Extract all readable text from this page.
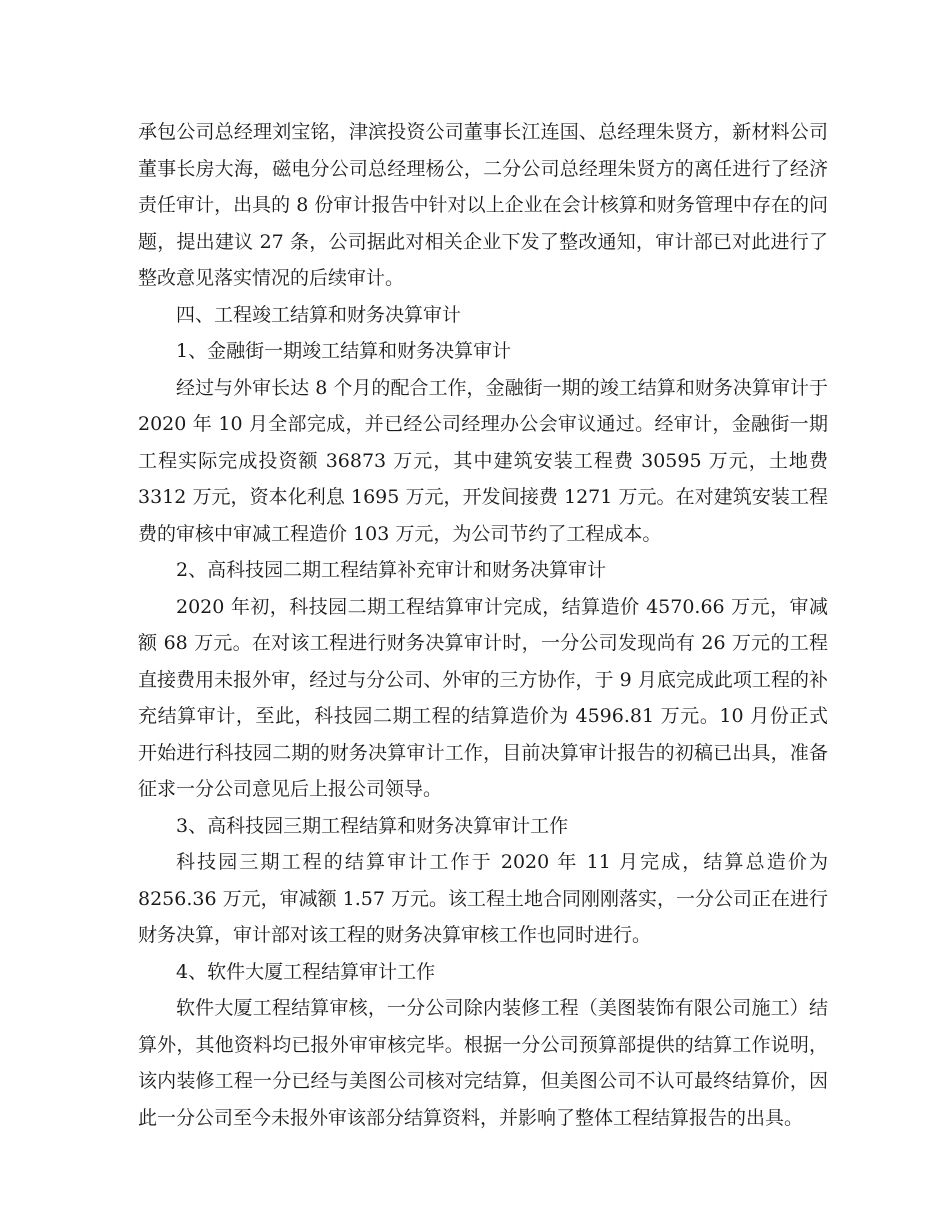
承包公司总经理刘宝铭，津滨投资公司董事长江连国、总经理朱贤方，新材料公司董事长房大海，磁电分公司总经理杨公，二分公司总经理朱贤方的离任进行了经济责任审计，出具的 8 份审计报告中针对以上企业在会计核算和财务管理中存在的问题，提出建议 27 条，公司据此对相关企业下发了整改通知，审计部已对此进行了整改意见落实情况的后续审计。

四、工程竣工结算和财务决算审计

1、金融街一期竣工结算和财务决算审计

经过与外审长达 8 个月的配合工作，金融街一期的竣工结算和财务决算审计于 2020 年 10 月全部完成，并已经公司经理办公会审议通过。经审计，金融街一期工程实际完成投资额 36873 万元，其中建筑安装工程费 30595 万元，土地费 3312 万元，资本化利息 1695 万元，开发间接费 1271 万元。在对建筑安装工程费的审核中审减工程造价 103 万元，为公司节约了工程成本。

2、高科技园二期工程结算补充审计和财务决算审计

2020 年初，科技园二期工程结算审计完成，结算造价 4570.66 万元，审减额 68 万元。在对该工程进行财务决算审计时，一分公司发现尚有 26 万元的工程直接费用未报外审，经过与分公司、外审的三方协作，于 9 月底完成此项工程的补充结算审计，至此，科技园二期工程的结算造价为 4596.81 万元。10 月份正式开始进行科技园二期的财务决算审计工作，目前决算审计报告的初稿已出具，准备征求一分公司意见后上报公司领导。

3、高科技园三期工程结算和财务决算审计工作

科技园三期工程的结算审计工作于 2020 年 11 月完成，结算总造价为 8256.36 万元，审减额 1.57 万元。该工程土地合同刚刚落实，一分公司正在进行财务决算，审计部对该工程的财务决算审核工作也同时进行。

4、软件大厦工程结算审计工作

软件大厦工程结算审核，一分公司除内装修工程（美图装饰有限公司施工）结算外，其他资料均已报外审审核完毕。根据一分公司预算部提供的结算工作说明，该内装修工程一分已经与美图公司核对完结算，但美图公司不认可最终结算价，因此一分公司至今未报外审该部分结算资料，并影响了整体工程结算报告的出具。
